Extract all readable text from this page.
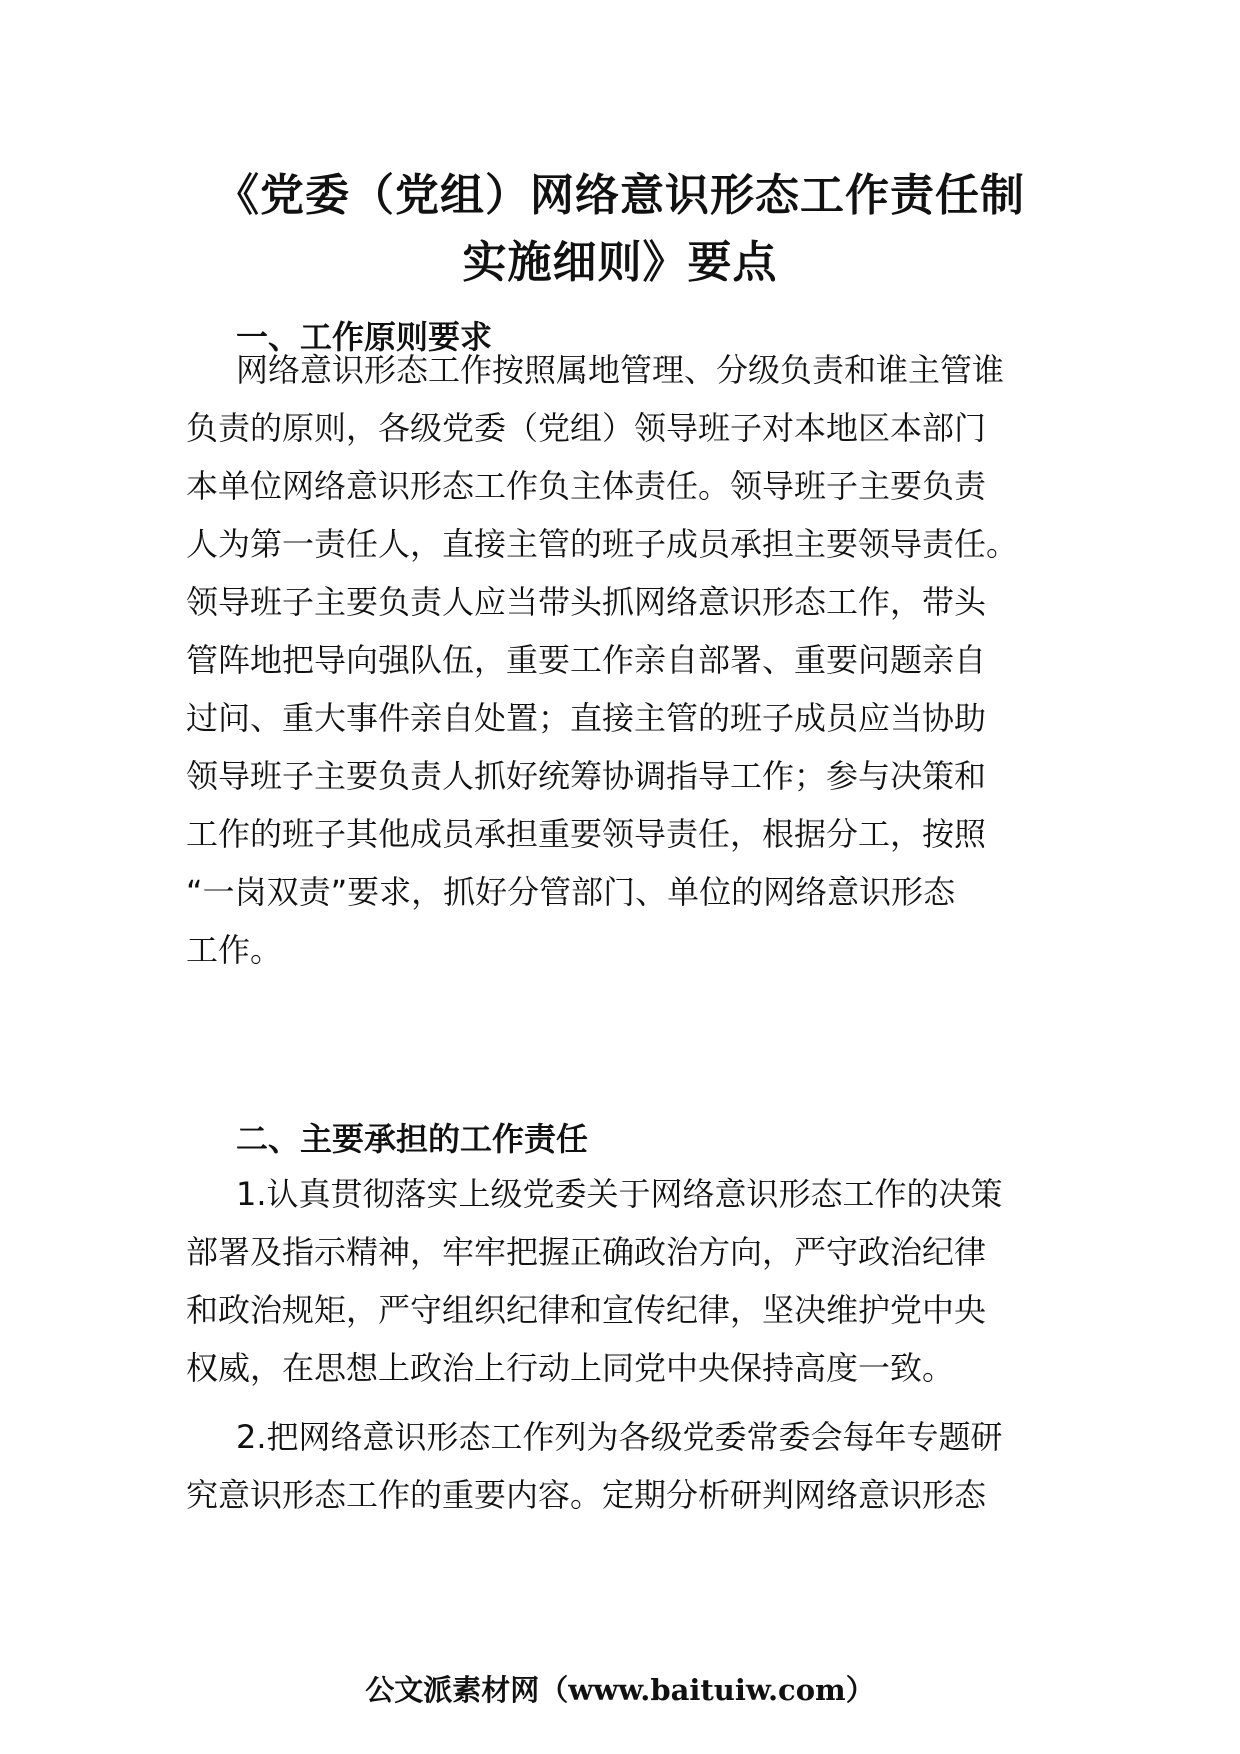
《党委（党组）网络意识形态工作责任制
实施细则》要点
一、工作原则要求
网络意识形态工作按照属地管理、分级负责和谁主管谁
负责的原则，各级党委（党组）领导班子对本地区本部门
本单位网络意识形态工作负主体责任。领导班子主要负责
人为第一责任人，直接主管的班子成员承担主要领导责任。
领导班子主要负责人应当带头抓网络意识形态工作，带头
管阵地把导向强队伍，重要工作亲自部署、重要问题亲自
过问、重大事件亲自处置；直接主管的班子成员应当协助
领导班子主要负责人抓好统筹协调指导工作；参与决策和
工作的班子其他成员承担重要领导责任，根据分工，按照
“一岗双责”要求，抓好分管部门、单位的网络意识形态
工作。
二、主要承担的工作责任
1.认真贯彻落实上级党委关于网络意识形态工作的决策
部署及指示精神，牢牢把握正确政治方向，严守政治纪律
和政治规矩，严守组织纪律和宣传纪律，坚决维护党中央
权威，在思想上政治上行动上同党中央保持高度一致。
2.把网络意识形态工作列为各级党委常委会每年专题研
究意识形态工作的重要内容。定期分析研判网络意识形态
公文派素材网（www.baituiw.com）
